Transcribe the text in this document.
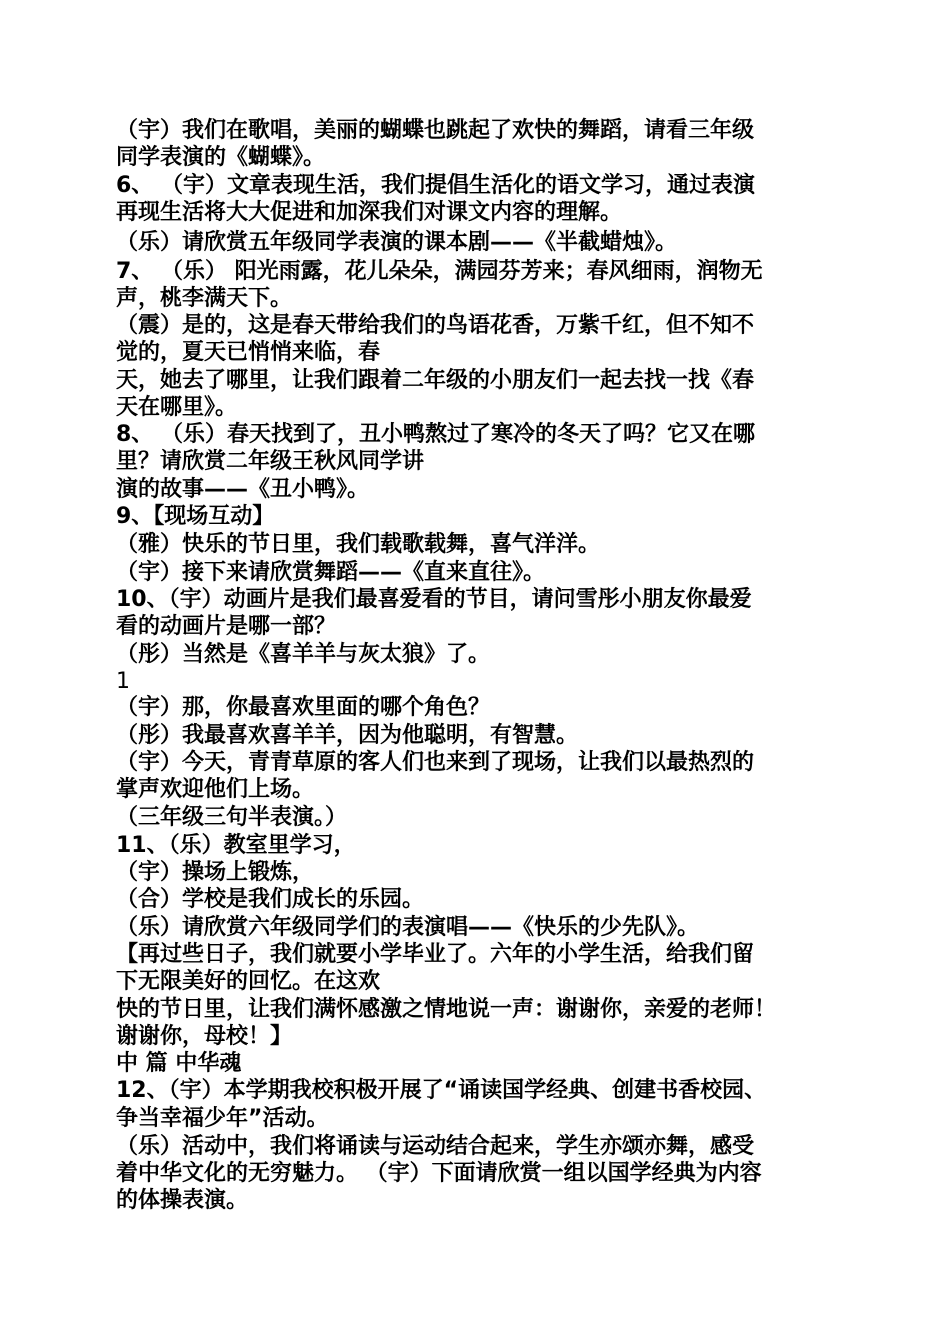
（宇）我们在歌唱，美丽的蝴蝶也跳起了欢快的舞蹈，请看三年级
同学表演的《蝴蝶》。
6、 （宇）文章表现生活，我们提倡生活化的语文学习，通过表演
再现生活将大大促进和加深我们对课文内容的理解。
（乐）请欣赏五年级同学表演的课本剧——《半截蜡烛》。
7、 （乐） 阳光雨露，花儿朵朵，满园芬芳来；春风细雨，润物无
声，桃李满天下。
（震）是的，这是春天带给我们的鸟语花香，万紫千红，但不知不
觉的，夏天已悄悄来临，春
天，她去了哪里，让我们跟着二年级的小朋友们一起去找一找《春
天在哪里》。
8、 （乐）春天找到了，丑小鸭熬过了寒冷的冬天了吗？它又在哪
里？请欣赏二年级王秋风同学讲
演的故事——《丑小鸭》。
9、【现场互动】
（雅）快乐的节日里，我们载歌载舞，喜气洋洋。
（宇）接下来请欣赏舞蹈——《直来直往》。
10、（宇）动画片是我们最喜爱看的节目，请问雪彤小朋友你最爱
看的动画片是哪一部？
（彤）当然是《喜羊羊与灰太狼》了。
1
（宇）那，你最喜欢里面的哪个角色？
（彤）我最喜欢喜羊羊，因为他聪明，有智慧。
（宇）今天，青青草原的客人们也来到了现场，让我们以最热烈的
掌声欢迎他们上场。
（三年级三句半表演。）
11、（乐）教室里学习，
（宇）操场上锻炼，
（合）学校是我们成长的乐园。
（乐）请欣赏六年级同学们的表演唱——《快乐的少先队》。
【再过些日子，我们就要小学毕业了。六年的小学生活，给我们留
下无限美好的回忆。在这欢
快的节日里，让我们满怀感激之情地说一声：谢谢你，亲爱的老师！
谢谢你，母校！】
中 篇 中华魂
12、（宇）本学期我校积极开展了“诵读国学经典、创建书香校园、
争当幸福少年”活动。
（乐）活动中，我们将诵读与运动结合起来，学生亦颂亦舞，感受
着中华文化的无穷魅力。 （宇）下面请欣赏一组以国学经典为内容
的体操表演。
